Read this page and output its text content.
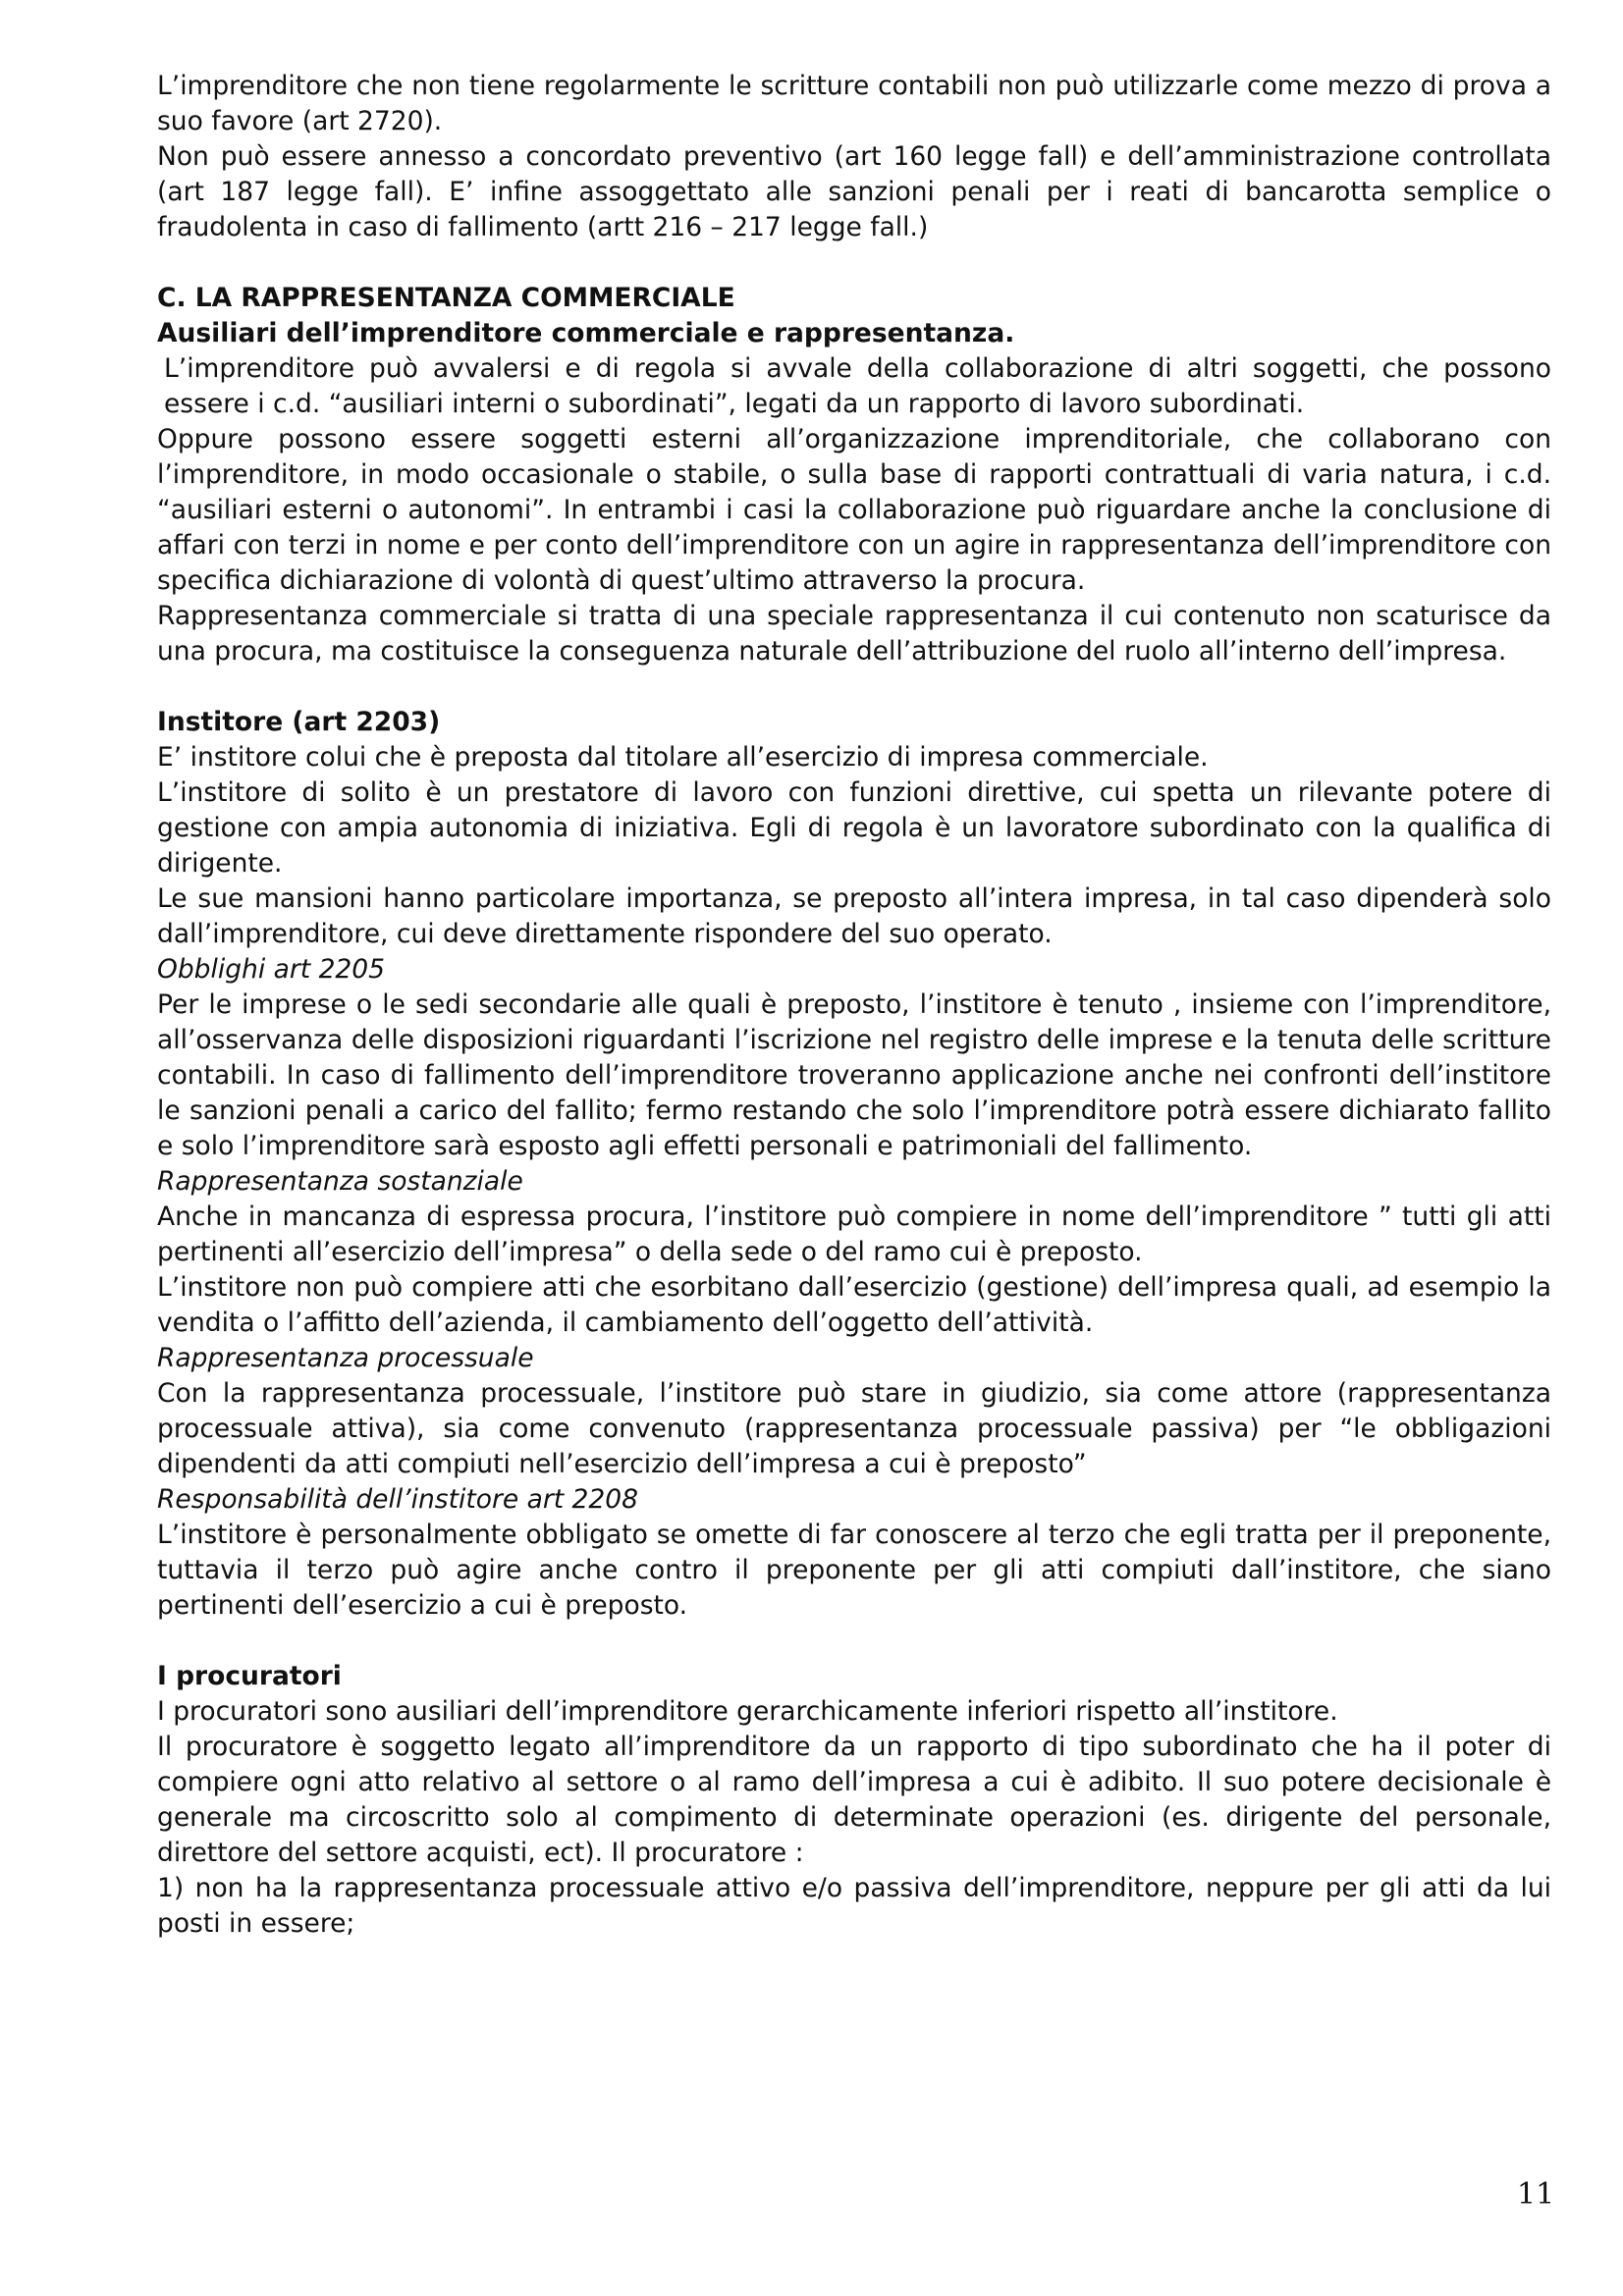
L’imprenditore che non tiene regolarmente le scritture contabili non può utilizzarle come mezzo di prova a suo favore (art 2720).

Non può essere annesso a concordato preventivo (art 160 legge fall) e dell’amministrazione controllata (art 187 legge fall). E’ infine assoggettato alle sanzioni penali per i reati di bancarotta semplice o fraudolenta in caso di fallimento (artt 216 – 217 legge fall.)

C. LA RAPPRESENTANZA COMMERCIALE

Ausiliari dell’imprenditore commerciale e rappresentanza.

L’imprenditore può avvalersi e di regola si avvale della collaborazione di altri soggetti, che possono essere i c.d. “ausiliari interni o subordinati”, legati da un rapporto di lavoro subordinati.

Oppure possono essere soggetti esterni all’organizzazione imprenditoriale, che collaborano con l’imprenditore, in modo occasionale o stabile, o sulla base di rapporti contrattuali di varia natura, i c.d. “ausiliari esterni o autonomi”. In entrambi i casi la collaborazione può riguardare anche la conclusione di affari con terzi in nome e per conto dell’imprenditore con un agire in rappresentanza dell’imprenditore con specifica dichiarazione di volontà di quest’ultimo attraverso la procura.

Rappresentanza commerciale si tratta di una speciale rappresentanza il cui contenuto non scaturisce da una procura, ma costituisce la conseguenza naturale dell’attribuzione del ruolo all’interno dell’impresa.

Institore (art 2203)

E’ institore colui che è preposta dal titolare all’esercizio di impresa commerciale.

L’institore di solito è un prestatore di lavoro con funzioni direttive, cui spetta un rilevante potere di gestione con ampia autonomia di iniziativa. Egli di regola è un lavoratore subordinato con la qualifica di dirigente.

Le sue mansioni hanno particolare importanza, se preposto all’intera impresa, in tal caso dipenderà solo dall’imprenditore, cui deve direttamente rispondere del suo operato.

Obblighi art 2205

Per le imprese o le sedi secondarie alle quali è preposto, l’institore è tenuto , insieme con l’imprenditore, all’osservanza delle disposizioni riguardanti l’iscrizione nel registro delle imprese e la tenuta delle scritture contabili. In caso di fallimento dell’imprenditore troveranno applicazione anche nei confronti dell’institore le sanzioni penali a carico del fallito; fermo restando che solo l’imprenditore potrà essere dichiarato fallito e solo l’imprenditore sarà esposto agli effetti personali e patrimoniali del fallimento.

Rappresentanza sostanziale

Anche in mancanza di espressa procura, l’institore può compiere in nome dell’imprenditore ” tutti gli atti pertinenti all’esercizio dell’impresa” o della sede o del ramo cui è preposto.

L’institore non può compiere atti che esorbitano dall’esercizio (gestione) dell’impresa quali, ad esempio la vendita o l’affitto dell’azienda, il cambiamento dell’oggetto dell’attività.

Rappresentanza processuale

Con la rappresentanza processuale, l’institore può stare in giudizio, sia come attore (rappresentanza processuale attiva), sia come convenuto (rappresentanza processuale passiva) per “le obbligazioni dipendenti da atti compiuti nell’esercizio dell’impresa a cui è preposto”

Responsabilità dell’institore art 2208

L’institore è personalmente obbligato se omette di far conoscere al terzo che egli tratta per il preponente, tuttavia il terzo può agire anche contro il preponente per gli atti compiuti dall’institore, che siano pertinenti dell’esercizio a cui è preposto.

I procuratori

I procuratori sono ausiliari dell’imprenditore gerarchicamente inferiori rispetto all’institore.

Il procuratore è soggetto legato all’imprenditore da un rapporto di tipo subordinato che ha il poter di compiere ogni atto relativo al settore o al ramo dell’impresa a cui è adibito. Il suo potere decisionale è generale ma circoscritto solo al compimento di determinate operazioni (es. dirigente del personale, direttore del settore acquisti, ect). Il procuratore :

1) non ha la rappresentanza processuale attivo e/o passiva dell’imprenditore, neppure per gli atti da lui posti in essere;

11
